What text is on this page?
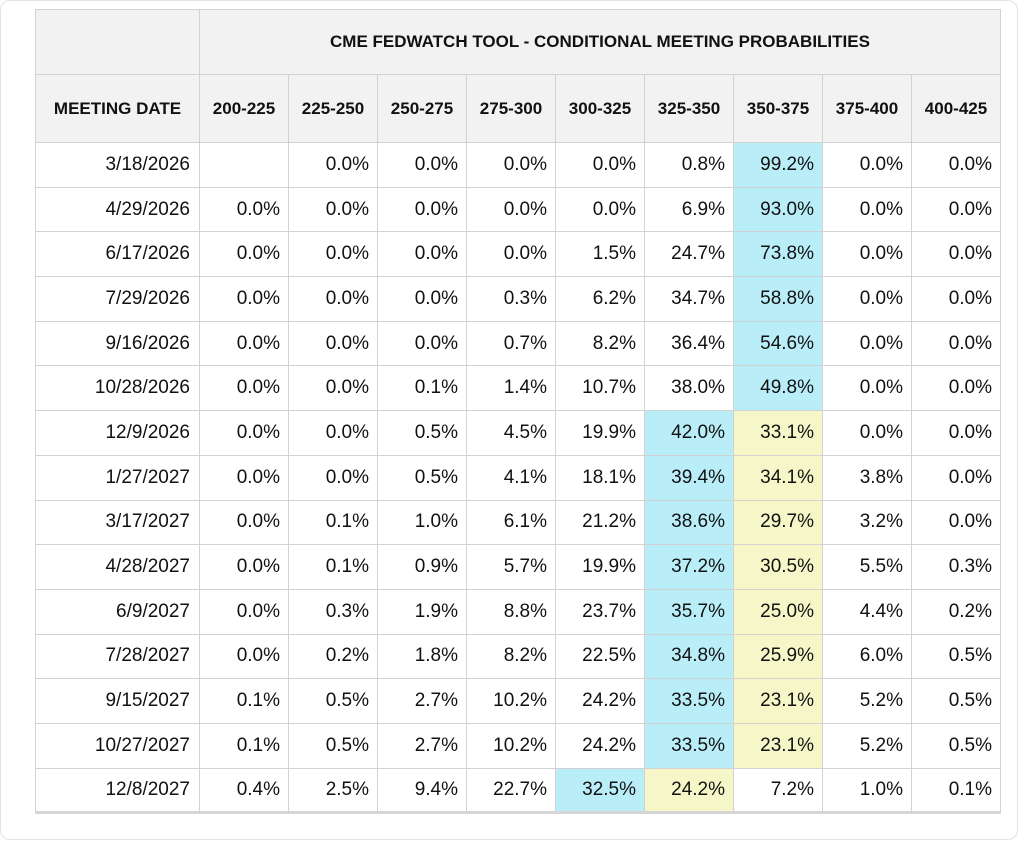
	CME FEDWATCH TOOL - CONDITIONAL MEETING PROBABILITIES								
MEETING DATE	200-225	225-250	250-275	275-300	300-325	325-350	350-375	375-400	400-425
3/18/2026		0.0%	0.0%	0.0%	0.0%	0.8%	99.2%	0.0%	0.0%
4/29/2026	0.0%	0.0%	0.0%	0.0%	0.0%	6.9%	93.0%	0.0%	0.0%
6/17/2026	0.0%	0.0%	0.0%	0.0%	1.5%	24.7%	73.8%	0.0%	0.0%
7/29/2026	0.0%	0.0%	0.0%	0.3%	6.2%	34.7%	58.8%	0.0%	0.0%
9/16/2026	0.0%	0.0%	0.0%	0.7%	8.2%	36.4%	54.6%	0.0%	0.0%
10/28/2026	0.0%	0.0%	0.1%	1.4%	10.7%	38.0%	49.8%	0.0%	0.0%
12/9/2026	0.0%	0.0%	0.5%	4.5%	19.9%	42.0%	33.1%	0.0%	0.0%
1/27/2027	0.0%	0.0%	0.5%	4.1%	18.1%	39.4%	34.1%	3.8%	0.0%
3/17/2027	0.0%	0.1%	1.0%	6.1%	21.2%	38.6%	29.7%	3.2%	0.0%
4/28/2027	0.0%	0.1%	0.9%	5.7%	19.9%	37.2%	30.5%	5.5%	0.3%
6/9/2027	0.0%	0.3%	1.9%	8.8%	23.7%	35.7%	25.0%	4.4%	0.2%
7/28/2027	0.0%	0.2%	1.8%	8.2%	22.5%	34.8%	25.9%	6.0%	0.5%
9/15/2027	0.1%	0.5%	2.7%	10.2%	24.2%	33.5%	23.1%	5.2%	0.5%
10/27/2027	0.1%	0.5%	2.7%	10.2%	24.2%	33.5%	23.1%	5.2%	0.5%
12/8/2027	0.4%	2.5%	9.4%	22.7%	32.5%	24.2%	7.2%	1.0%	0.1%
